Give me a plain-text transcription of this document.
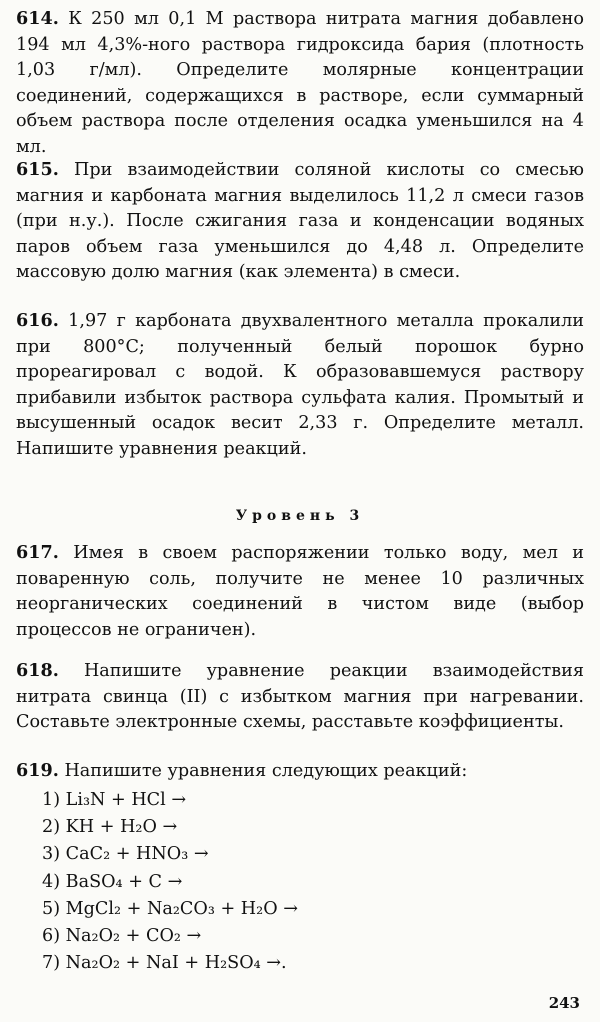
614. К 250 мл 0,1 М раствора нитрата магния добавлено 194 мл 4,3%-ного раствора гидроксида бария (плотность 1,03 г/мл). Определите молярные концентрации соединений, содержащихся в растворе, если суммарный объем раствора после отделения осадка уменьшился на 4 мл.
615. При взаимодействии соляной кислоты со смесью магния и карбоната магния выделилось 11,2 л смеси газов (при н.у.). После сжигания газа и конденсации водяных паров объем газа уменьшился до 4,48 л. Определите массовую долю магния (как элемента) в смеси.
616. 1,97 г карбоната двухвалентного металла прокалили при 800°С; полученный белый порошок бурно прореагировал с водой. К образовавшемуся раствору прибавили избыток раствора сульфата калия. Промытый и высушенный осадок весит 2,33 г. Определите металл. Напишите уравнения реакций.
Уровень 3
617. Имея в своем распоряжении только воду, мел и поваренную соль, получите не менее 10 различных неорганических соединений в чистом виде (выбор процессов не ограничен).
618. Напишите уравнение реакции взаимодействия нитрата свинца (II) с избытком магния при нагревании. Составьте электронные схемы, расставьте коэффициенты.
619. Напишите уравнения следующих реакций:
1) Li₃N + HCl →
2) KH + H₂O →
3) CaC₂ + HNO₃ →
4) BaSO₄ + C →
5) MgCl₂ + Na₂CO₃ + H₂O →
6) Na₂O₂ + CO₂ →
7) Na₂O₂ + NaI + H₂SO₄ →.
243
